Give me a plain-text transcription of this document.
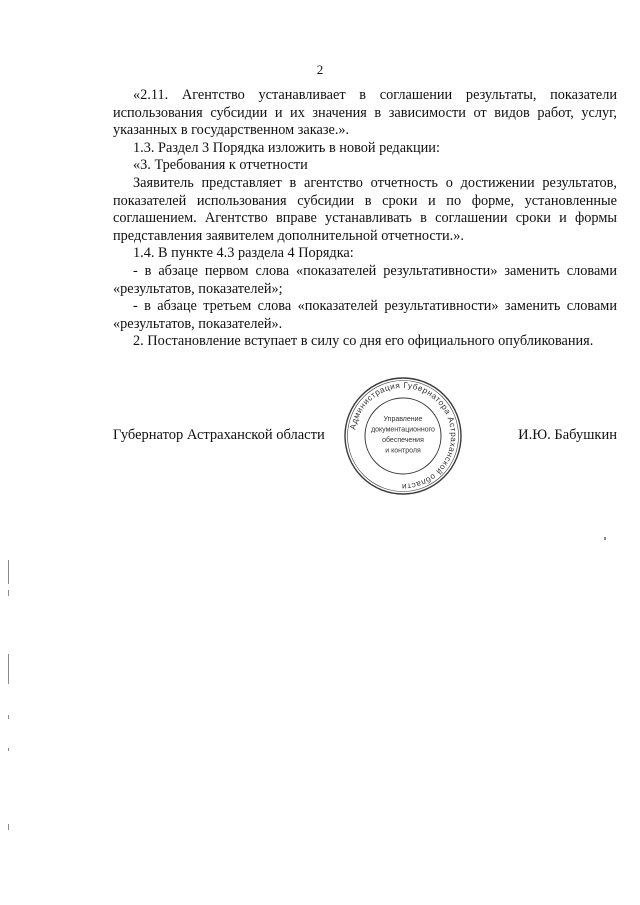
2

«2.11. Агентство устанавливает в соглашении результаты, показатели использования субсидии и их значения в зависимости от видов работ, услуг, указанных в государственном заказе.».

1.3. Раздел 3 Порядка изложить в новой редакции:

«3. Требования к отчетности

Заявитель представляет в агентство отчетность о достижении результатов, показателей использования субсидии в сроки и по форме, установленные соглашением. Агентство вправе устанавливать в соглашении сроки и формы представления заявителем дополнительной отчетности.».

1.4. В пункте 4.3 раздела 4 Порядка:

- в абзаце первом слова «показателей результативности» заменить словами «результатов, показателей»;

- в абзаце третьем слова «показателей результативности» заменить словами «результатов, показателей».

2. Постановление вступает в силу со дня его официального опубликования.

Губернатор Астраханской области	И.Ю. Бабушкин
Администрация Губернатора Астраханской области
Управление документационного обеспечения и контроля
